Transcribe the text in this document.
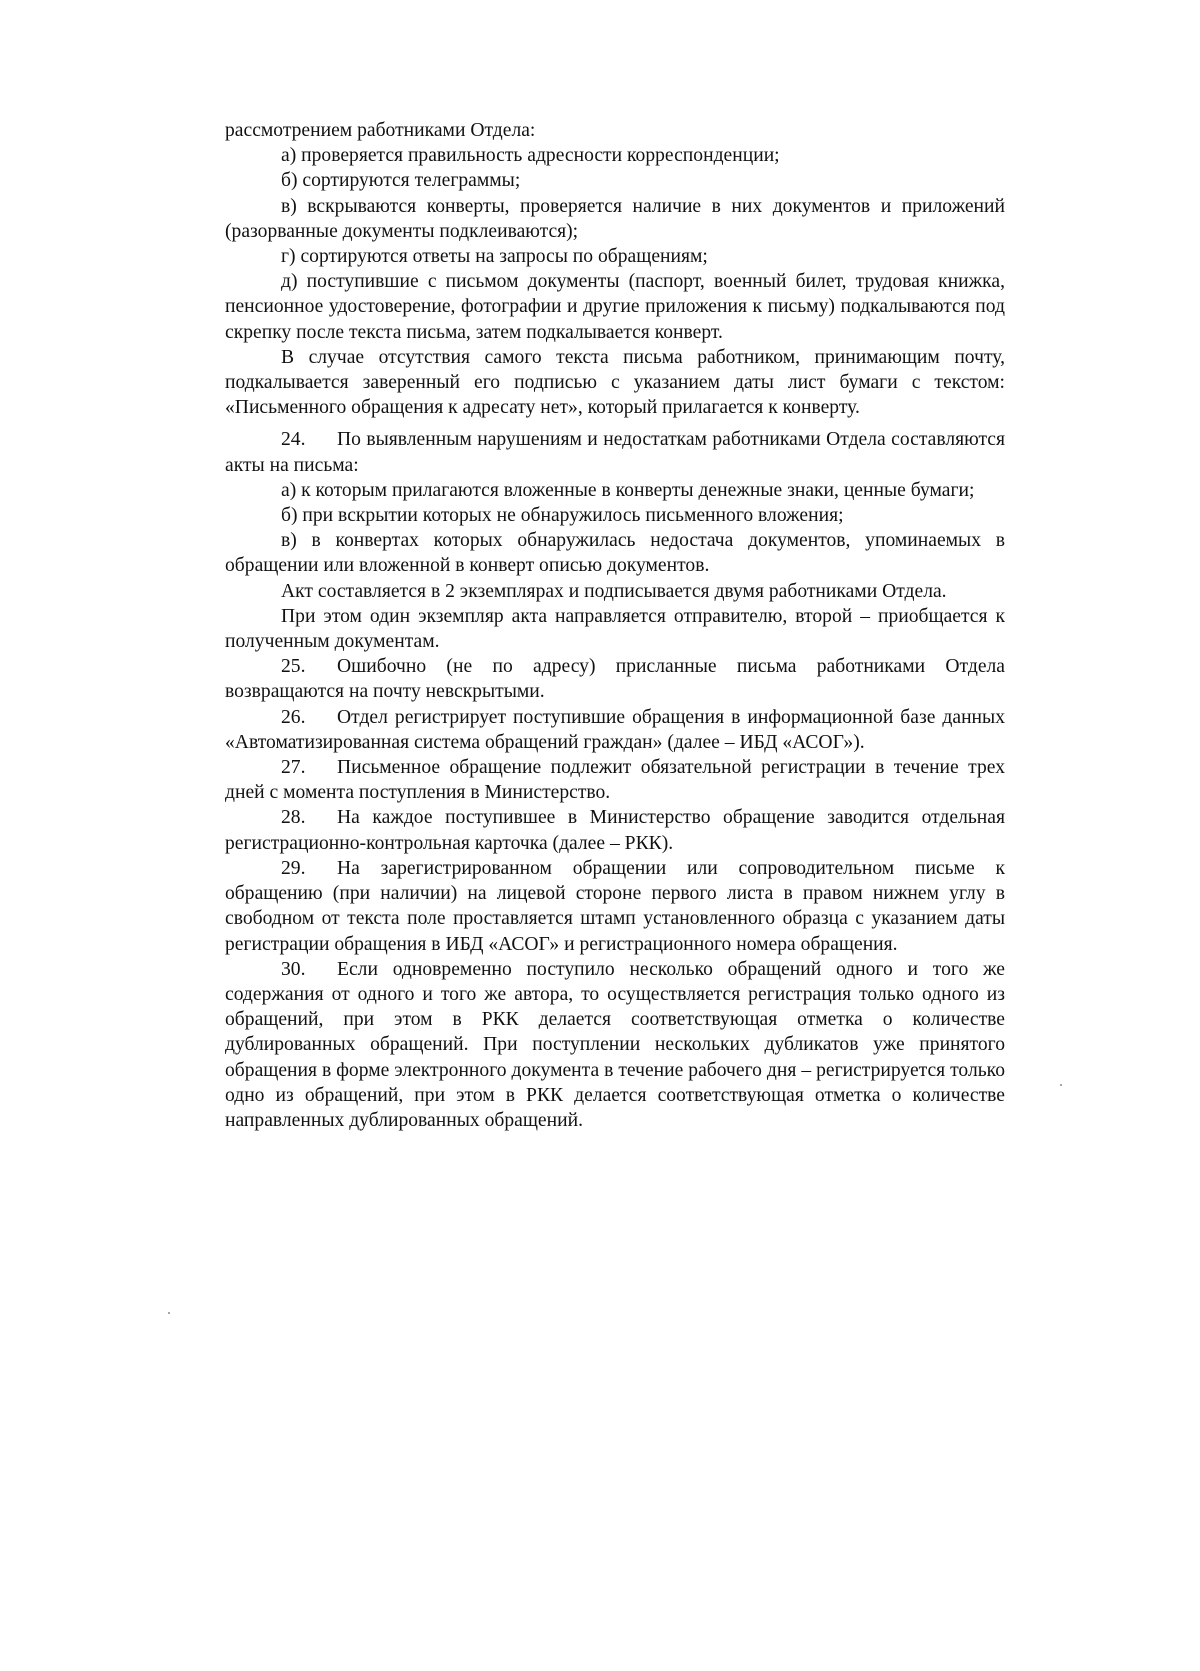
рассмотрением работниками Отдела:

а) проверяется правильность адресности корреспонденции;

б) сортируются телеграммы;

в) вскрываются конверты, проверяется наличие в них документов и приложений (разорванные документы подклеиваются);

г) сортируются ответы на запросы по обращениям;

д) поступившие с письмом документы (паспорт, военный билет, трудовая книжка, пенсионное удостоверение, фотографии и другие приложения к письму) подкалываются под скрепку после текста письма, затем подкалывается конверт.

В случае отсутствия самого текста письма работником, принимающим почту, подкалывается заверенный его подписью с указанием даты лист бумаги с текстом: «Письменного обращения к адресату нет», который прилагается к конверту.

24. По выявленным нарушениям и недостаткам работниками Отдела составляются акты на письма:

а) к которым прилагаются вложенные в конверты денежные знаки, ценные бумаги;

б) при вскрытии которых не обнаружилось письменного вложения;

в) в конвертах которых обнаружилась недостача документов, упоминаемых в обращении или вложенной в конверт описью документов.

Акт составляется в 2 экземплярах и подписывается двумя работниками Отдела.

При этом один экземпляр акта направляется отправителю, второй – приобщается к полученным документам.

25. Ошибочно (не по адресу) присланные письма работниками Отдела возвращаются на почту невскрытыми.

26. Отдел регистрирует поступившие обращения в информационной базе данных «Автоматизированная система обращений граждан» (далее – ИБД «АСОГ»).

27. Письменное обращение подлежит обязательной регистрации в течение трех дней с момента поступления в Министерство.

28. На каждое поступившее в Министерство обращение заводится отдельная регистрационно-контрольная карточка (далее – РКК).

29. На зарегистрированном обращении или сопроводительном письме к обращению (при наличии) на лицевой стороне первого листа в правом нижнем углу в свободном от текста поле проставляется штамп установленного образца с указанием даты регистрации обращения в ИБД «АСОГ» и регистрационного номера обращения.

30. Если одновременно поступило несколько обращений одного и того же содержания от одного и того же автора, то осуществляется регистрация только одного из обращений, при этом в РКК делается соответствующая отметка о количестве дублированных обращений. При поступлении нескольких дубликатов уже принятого обращения в форме электронного документа в течение рабочего дня – регистрируется только одно из обращений, при этом в РКК делается соответствующая отметка о количестве направленных дублированных обращений.
